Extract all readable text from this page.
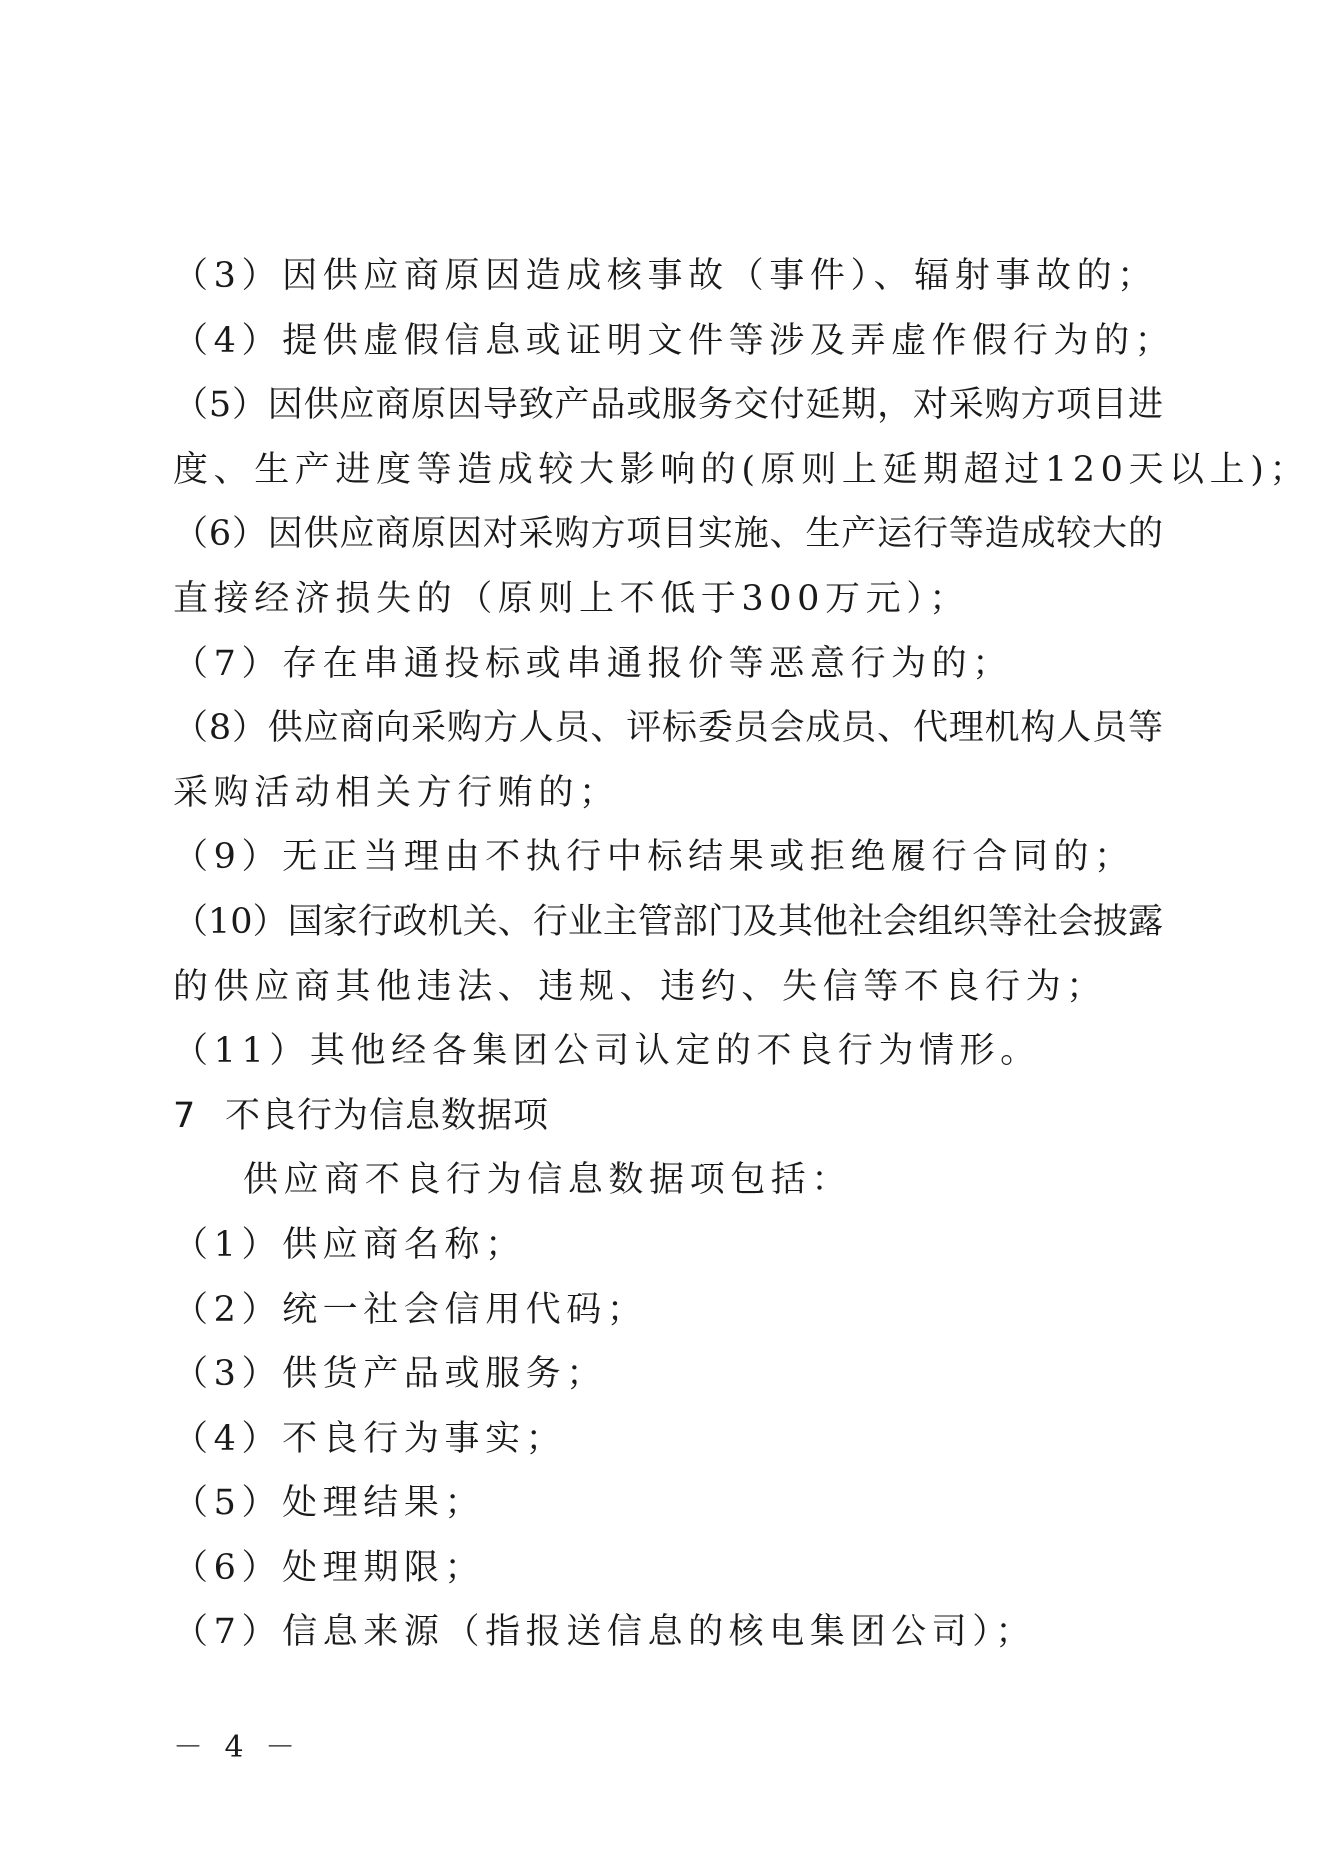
（3）因供应商原因造成核事故（事件）、辐射事故的；

（4）提供虚假信息或证明文件等涉及弄虚作假行为的；

（5）因供应商原因导致产品或服务交付延期，对采购方项目进

度、生产进度等造成较大影响的(原则上延期超过120天以上)；

（6）因供应商原因对采购方项目实施、生产运行等造成较大的

直接经济损失的（原则上不低于300万元）；

（7）存在串通投标或串通报价等恶意行为的；

（8）供应商向采购方人员、评标委员会成员、代理机构人员等

采购活动相关方行贿的；

（9）无正当理由不执行中标结果或拒绝履行合同的；

（10）国家行政机关、行业主管部门及其他社会组织等社会披露

的供应商其他违法、违规、违约、失信等不良行为；

（11）其他经各集团公司认定的不良行为情形。

7 不良行为信息数据项

供应商不良行为信息数据项包括：

（1）供应商名称；

（2）统一社会信用代码；

（3）供货产品或服务；

（4）不良行为事实；

（5）处理结果；

（6）处理期限；

（7）信息来源（指报送信息的核电集团公司）；

－ 4 －
